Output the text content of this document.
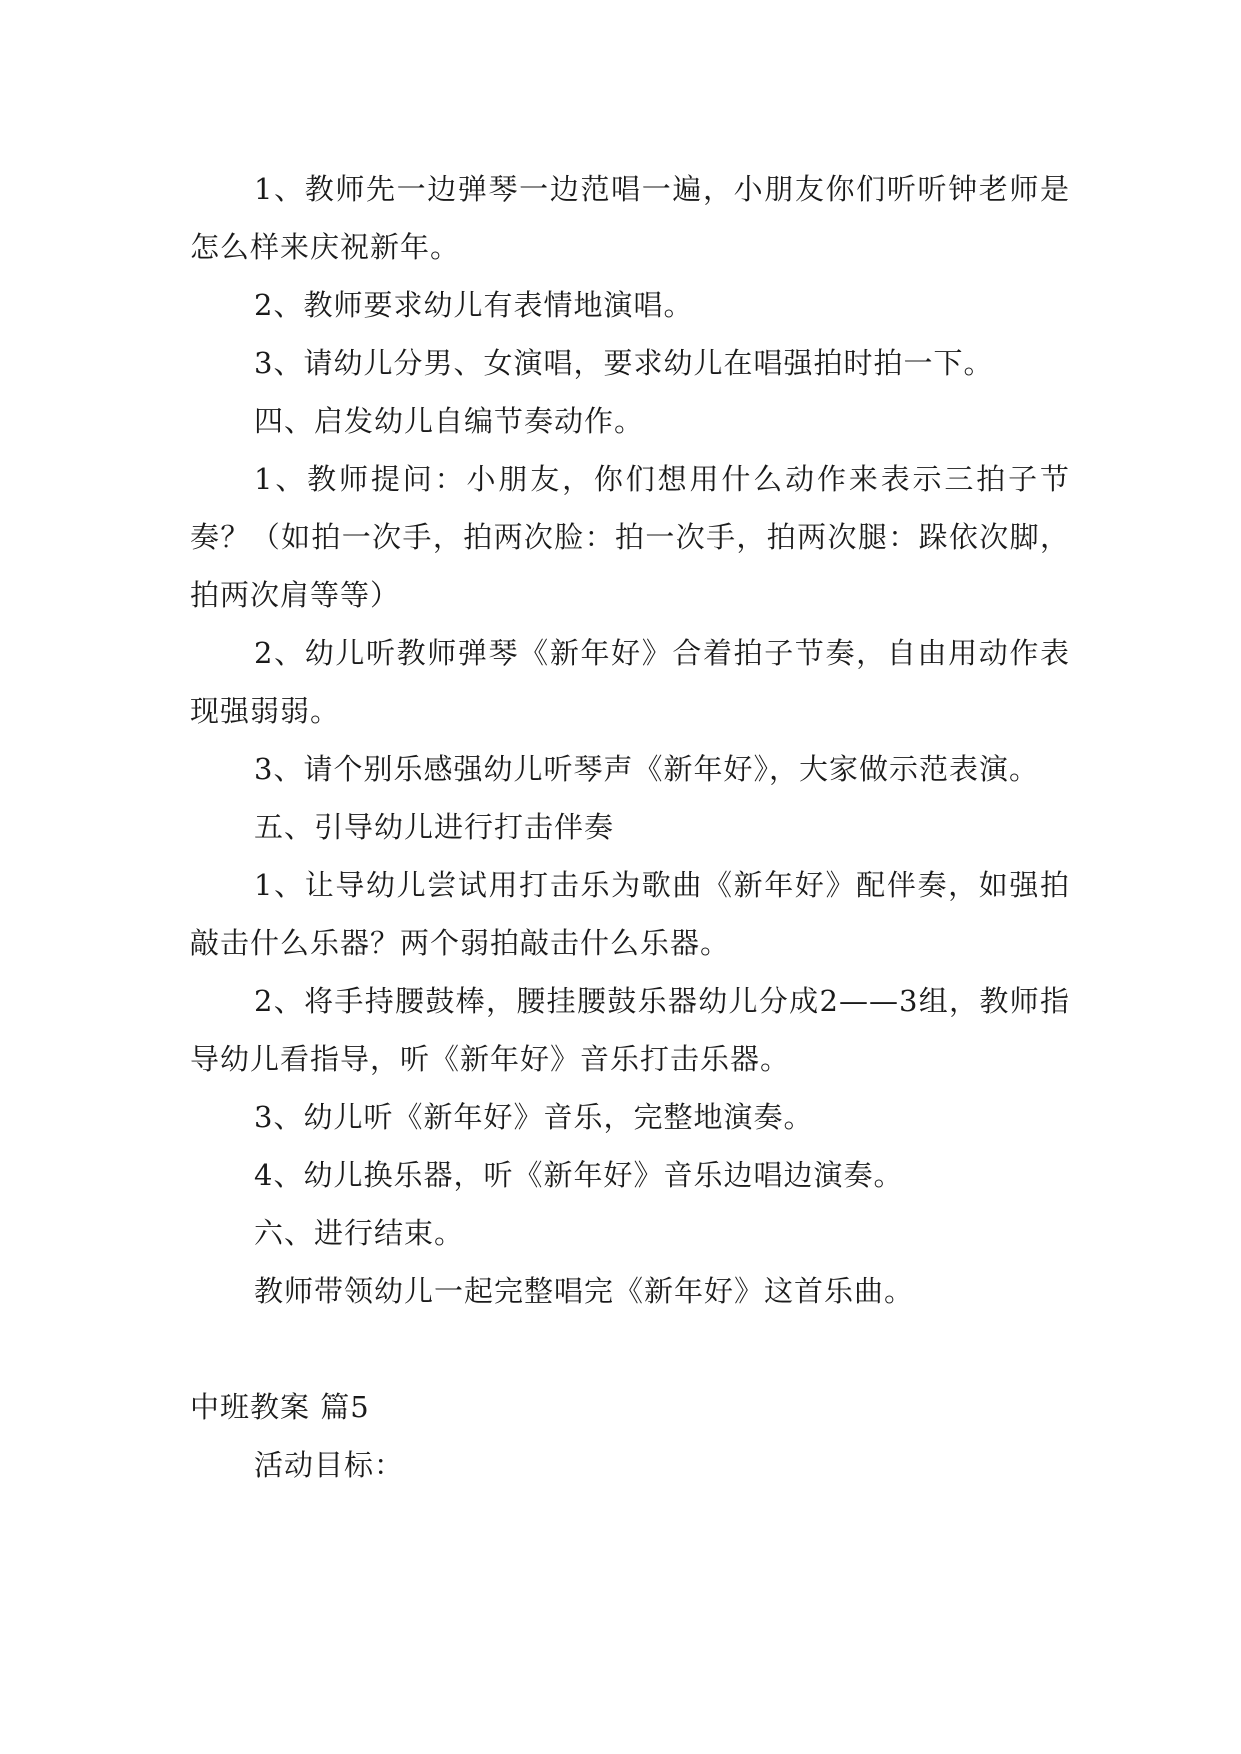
1、教师先一边弹琴一边范唱一遍，小朋友你们听听钟老师是怎么样来庆祝新年。

2、教师要求幼儿有表情地演唱。

3、请幼儿分男、女演唱，要求幼儿在唱强拍时拍一下。

四、启发幼儿自编节奏动作。

1、教师提问：小朋友，你们想用什么动作来表示三拍子节奏？（如拍一次手，拍两次脸：拍一次手，拍两次腿：跺依次脚，拍两次肩等等）

2、幼儿听教师弹琴《新年好》合着拍子节奏，自由用动作表现强弱弱。

3、请个别乐感强幼儿听琴声《新年好》，大家做示范表演。

五、引导幼儿进行打击伴奏

1、让导幼儿尝试用打击乐为歌曲《新年好》配伴奏，如强拍敲击什么乐器？两个弱拍敲击什么乐器。

2、将手持腰鼓棒，腰挂腰鼓乐器幼儿分成2——3组，教师指导幼儿看指导，听《新年好》音乐打击乐器。

3、幼儿听《新年好》音乐，完整地演奏。

4、幼儿换乐器，听《新年好》音乐边唱边演奏。

六、进行结束。

教师带领幼儿一起完整唱完《新年好》这首乐曲。

中班教案 篇5

活动目标：
